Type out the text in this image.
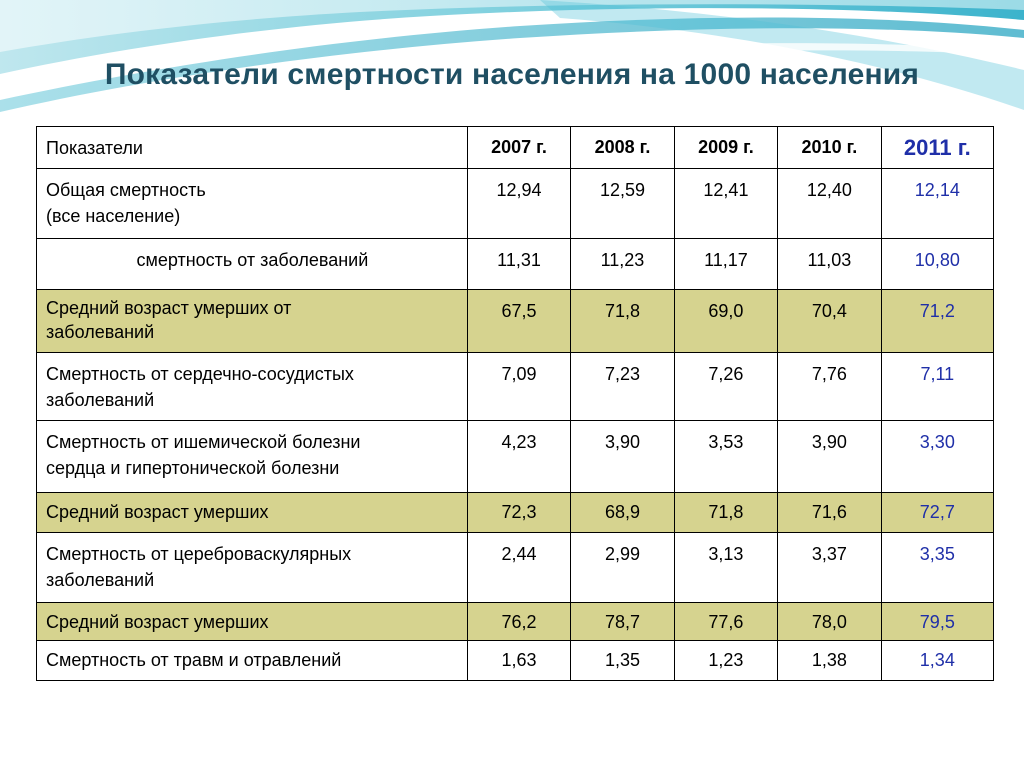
Показатели смертности населения на 1000 населения
Показатели	2007 г.	2008 г.	2009 г.	2010 г.	2011 г.

Общая смертность
(все население)	12,94	12,59	12,41	12,40	12,14

смертность от заболеваний	11,31	11,23	11,17	11,03	10,80

Средний возраст умерших от
заболеваний	67,5	71,8	69,0	70,4	71,2

Смертность от сердечно-сосудистых
заболеваний	7,09	7,23	7,26	7,76	7,11

Смертность от ишемической болезни
сердца и гипертонической болезни	4,23	3,90	3,53	3,90	3,30

Средний возраст умерших	72,3	68,9	71,8	71,6	72,7

Смертность от цереброваскулярных
заболеваний	2,44	2,99	3,13	3,37	3,35

Средний возраст умерших	76,2	78,7	77,6	78,0	79,5

Смертность от травм и отравлений	1,63	1,35	1,23	1,38	1,34
